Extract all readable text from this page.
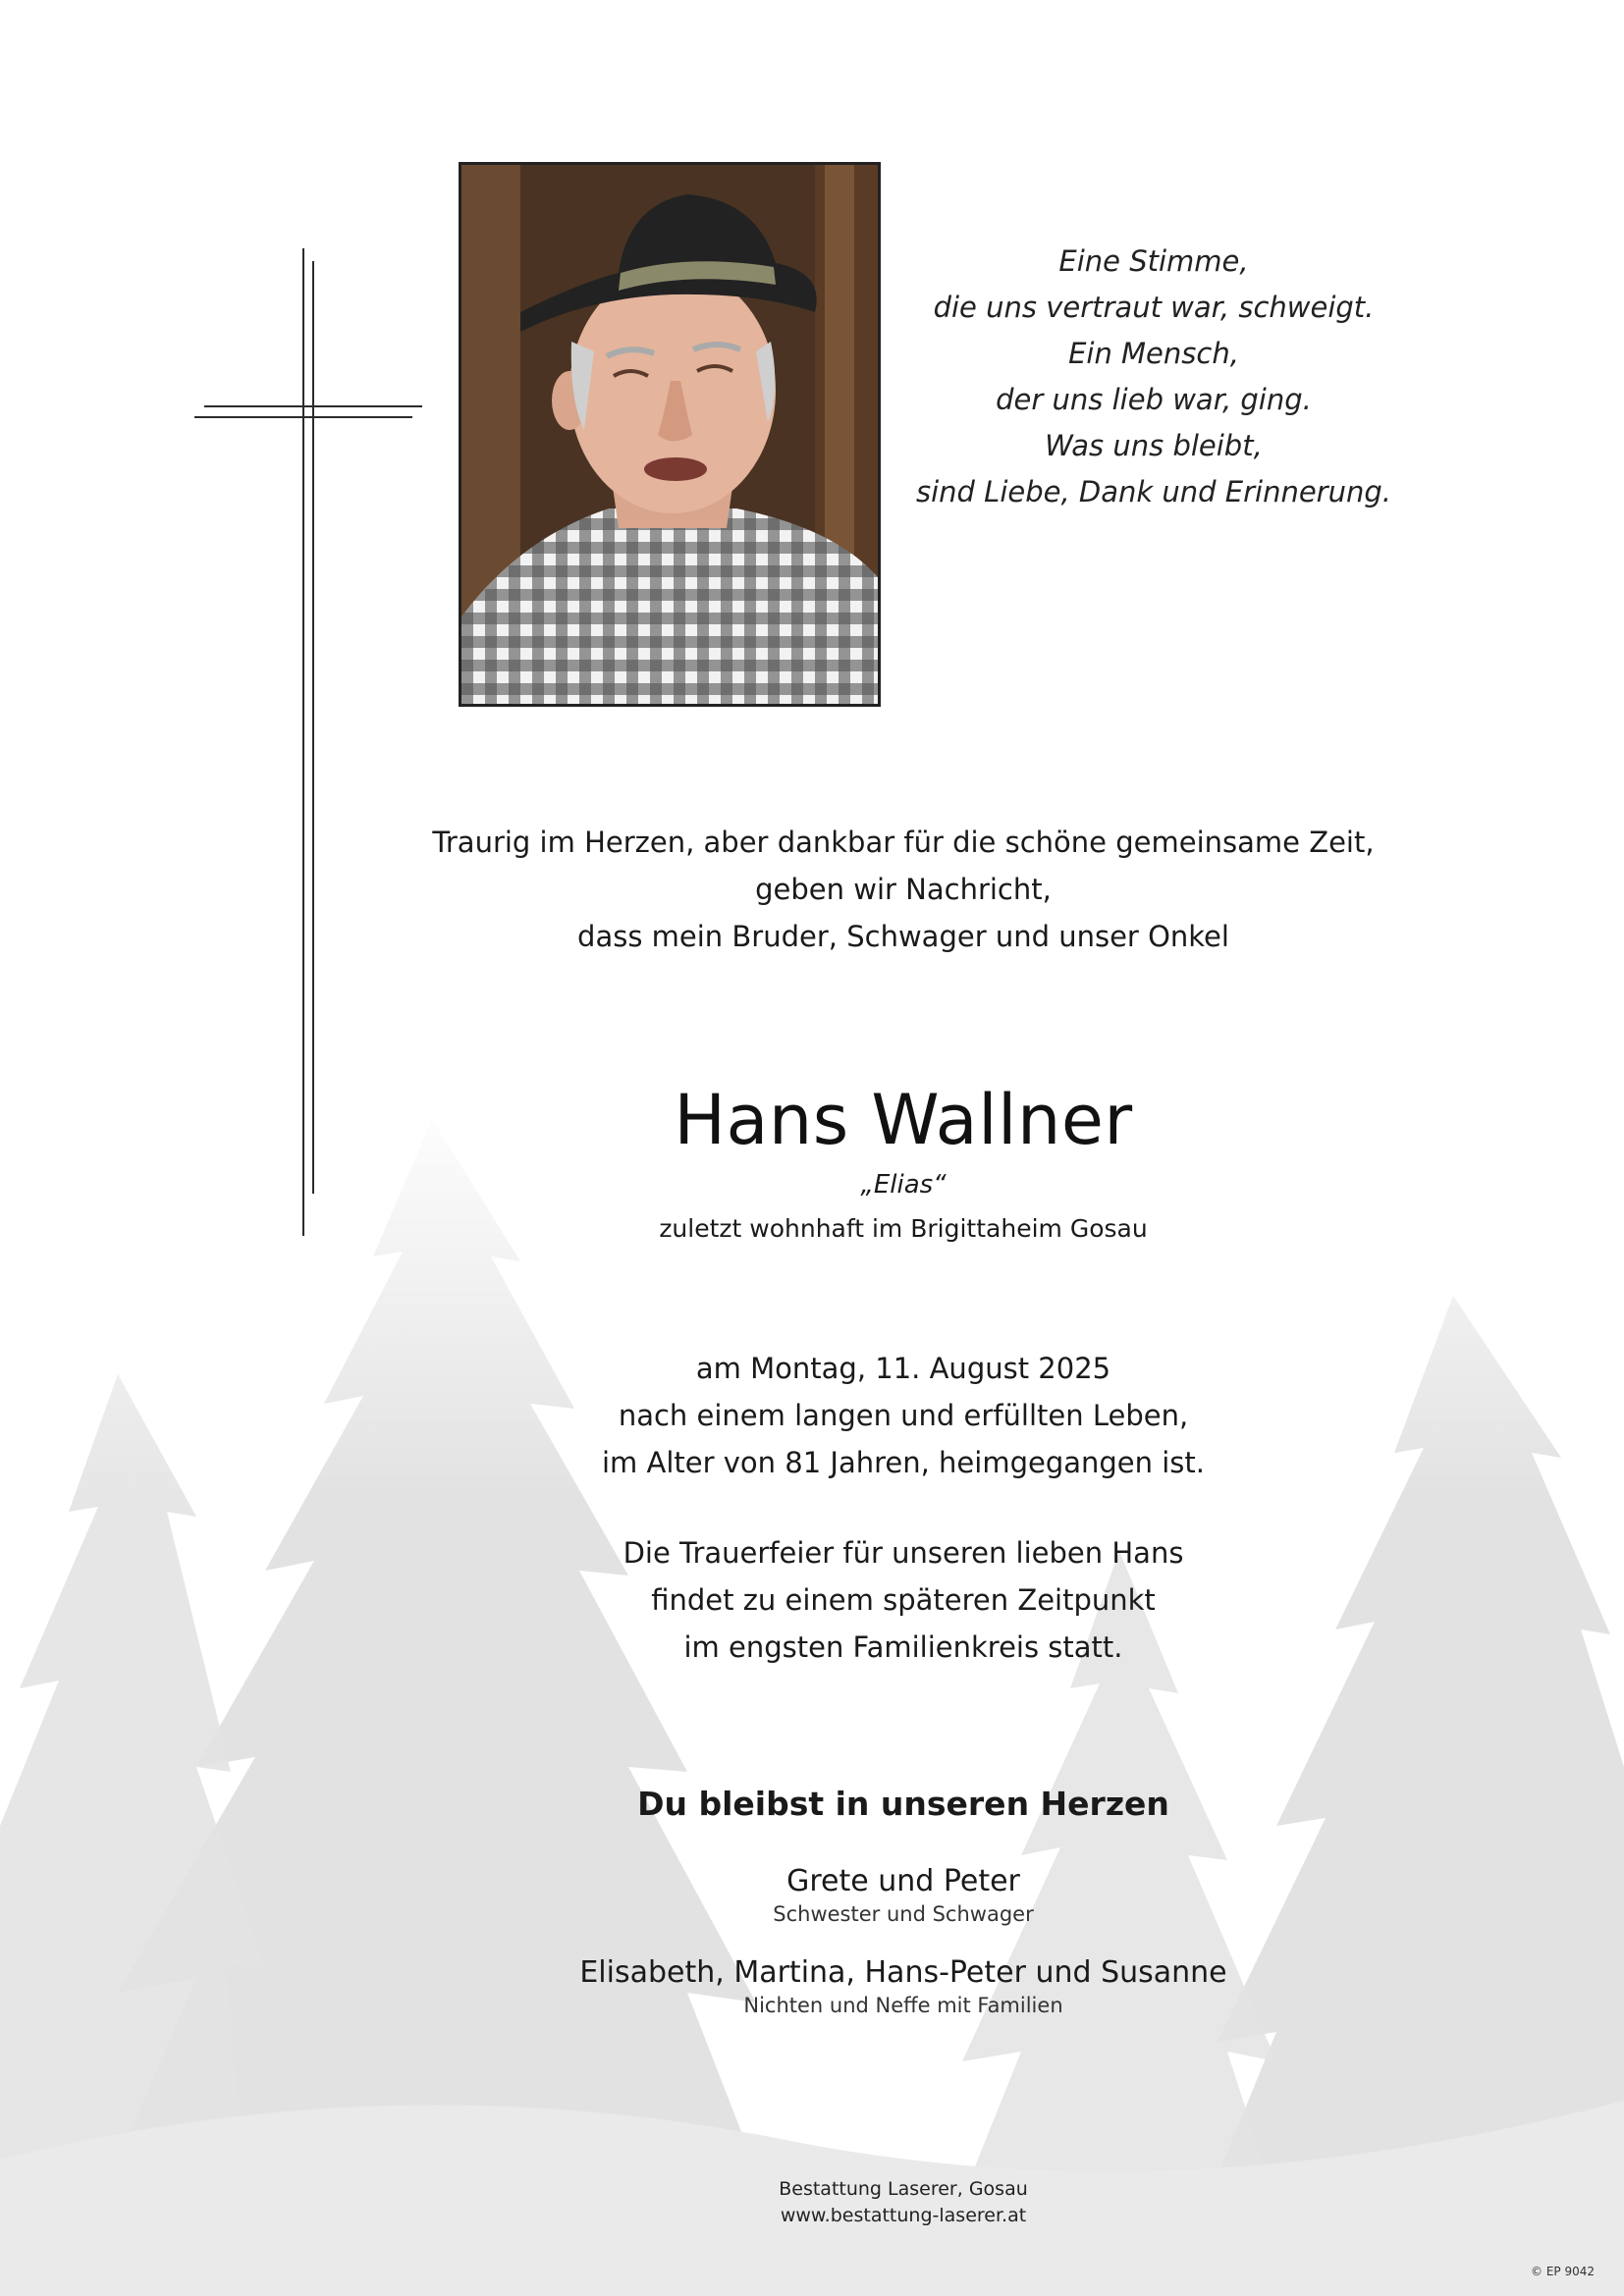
Eine Stimme,
die uns vertraut war, schweigt.
Ein Mensch,
der uns lieb war, ging.
Was uns bleibt,
sind Liebe, Dank und Erinnerung.
Traurig im Herzen, aber dankbar für die schöne gemeinsame Zeit,
geben wir Nachricht,
dass mein Bruder, Schwager und unser Onkel
Hans Wallner
„Elias“
zuletzt wohnhaft im Brigittaheim Gosau
am Montag, 11. August 2025
nach einem langen und erfüllten Leben,
im Alter von 81 Jahren, heimgegangen ist.
Die Trauerfeier für unseren lieben Hans
findet zu einem späteren Zeitpunkt
im engsten Familienkreis statt.
Du bleibst in unseren Herzen
Grete und Peter
Schwester und Schwager
Elisabeth, Martina, Hans-Peter und Susanne
Nichten und Neffe mit Familien
Bestattung Laserer, Gosau
www.bestattung-laserer.at
© EP 9042
